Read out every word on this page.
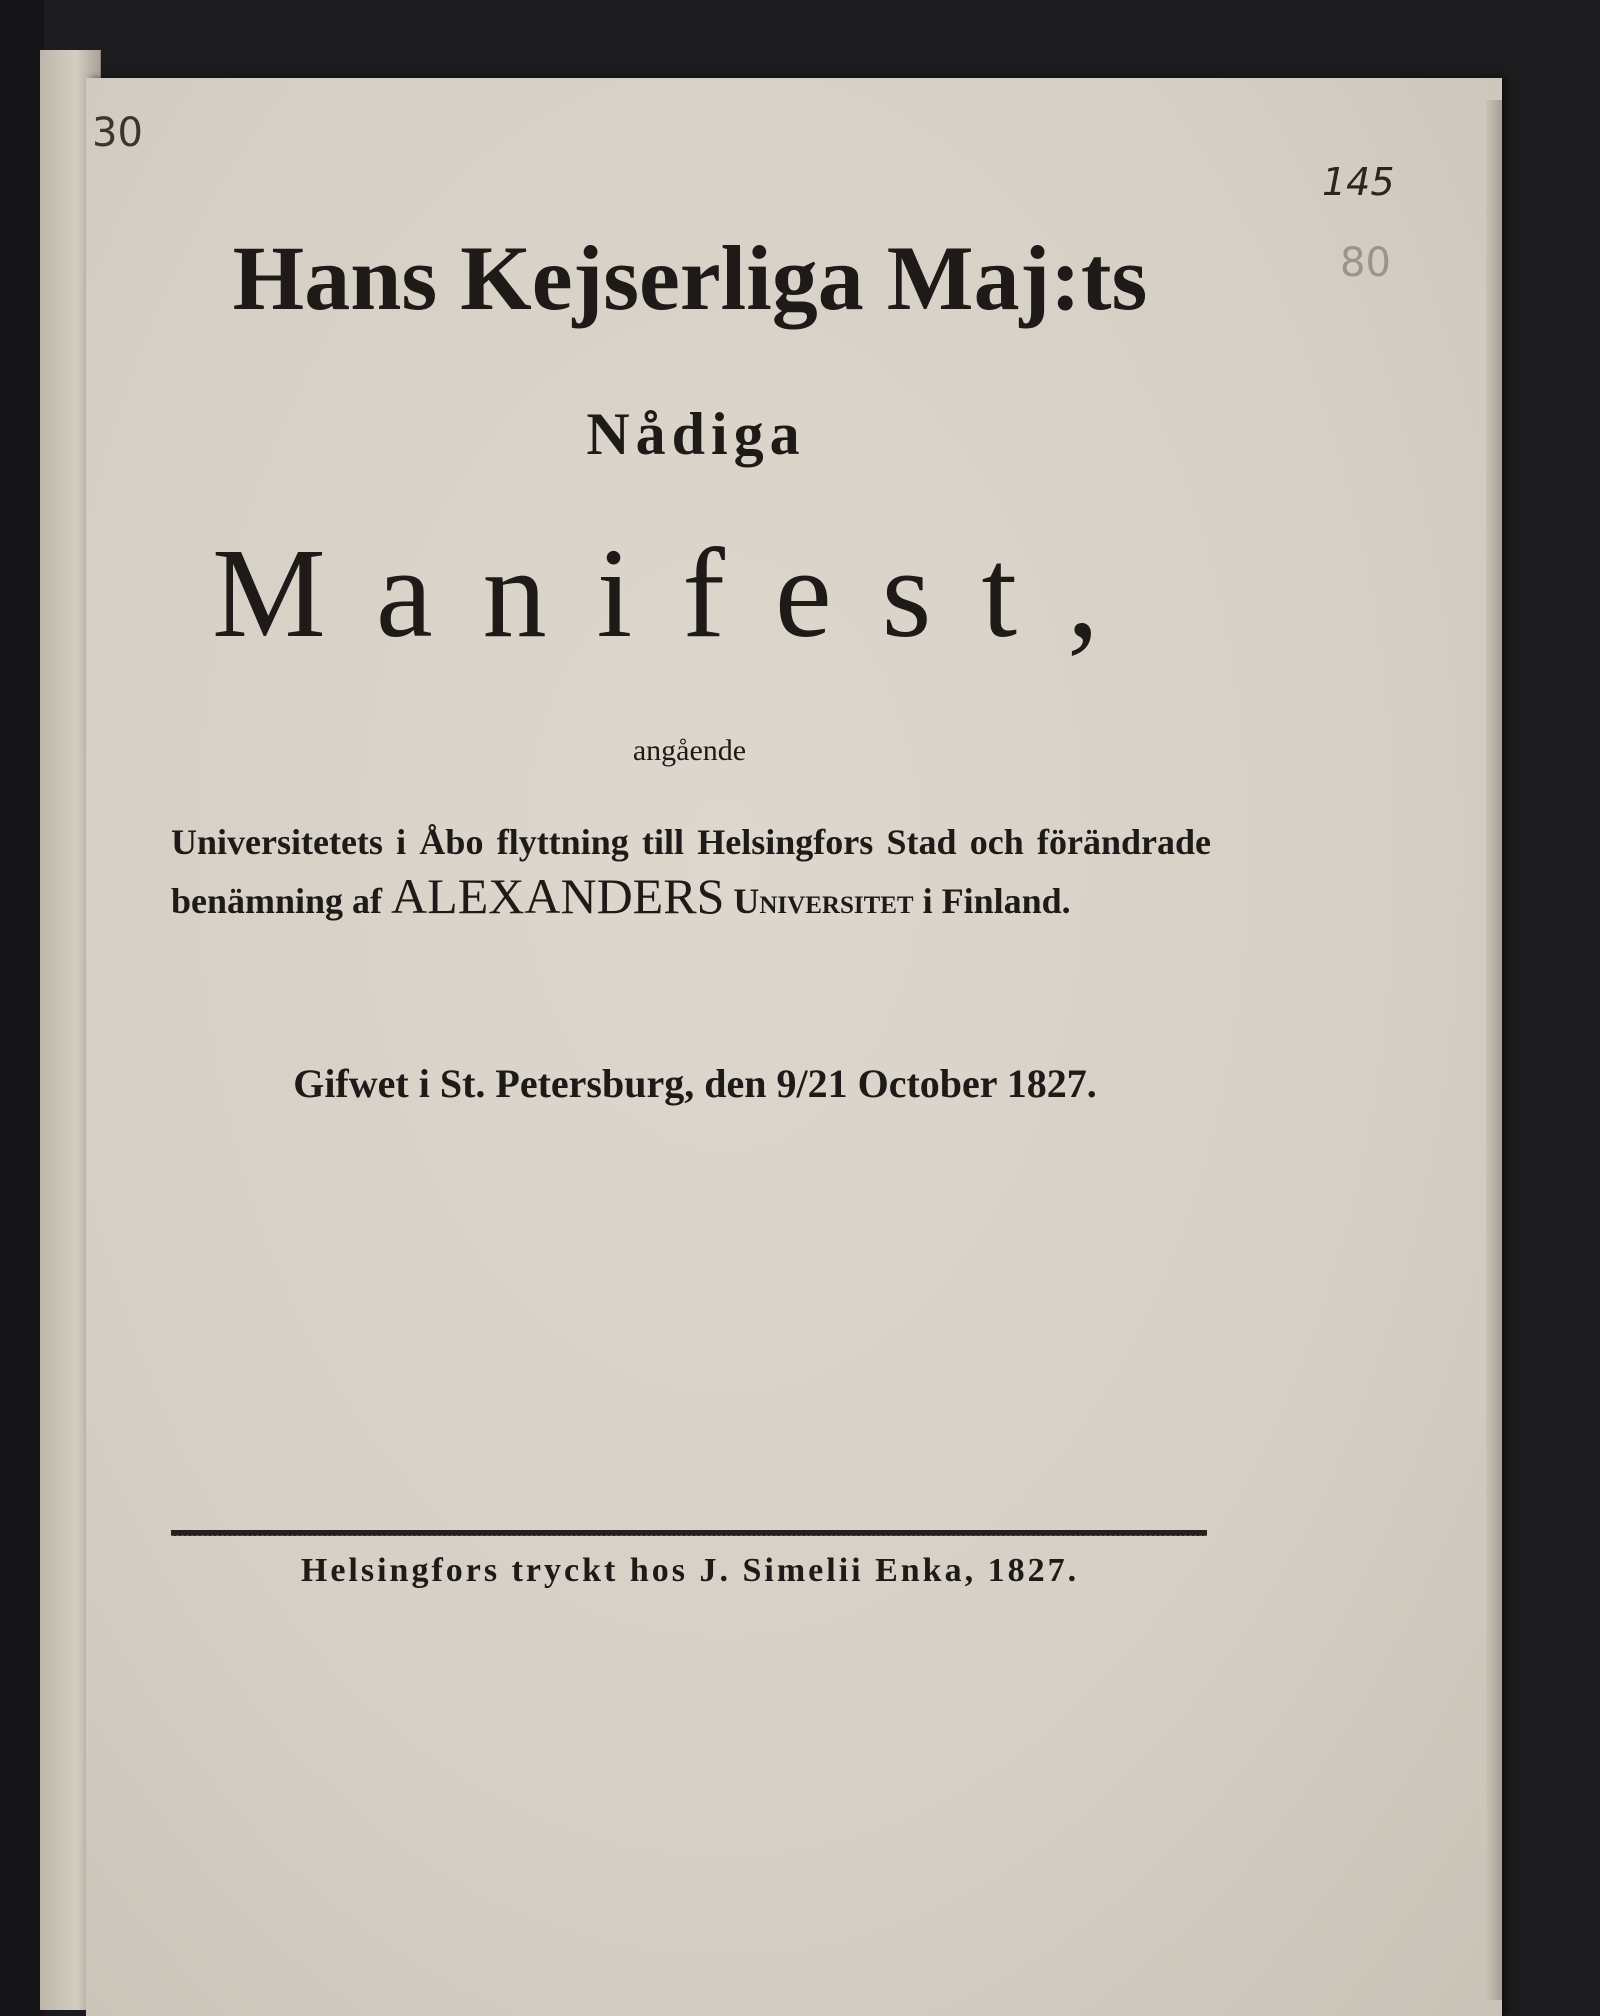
30
145
80
Hans Kejserliga Maj:ts
Nådiga
Manifest,
angående
Universitetets i Åbo flyttning till Helsingfors Stad och förändrade benämning af ALEXANDERS Universitet i Finland.
Gifwet i St. Petersburg, den 9/21 October 1827.
Helsingfors tryckt hos J. Simelii Enka, 1827.
